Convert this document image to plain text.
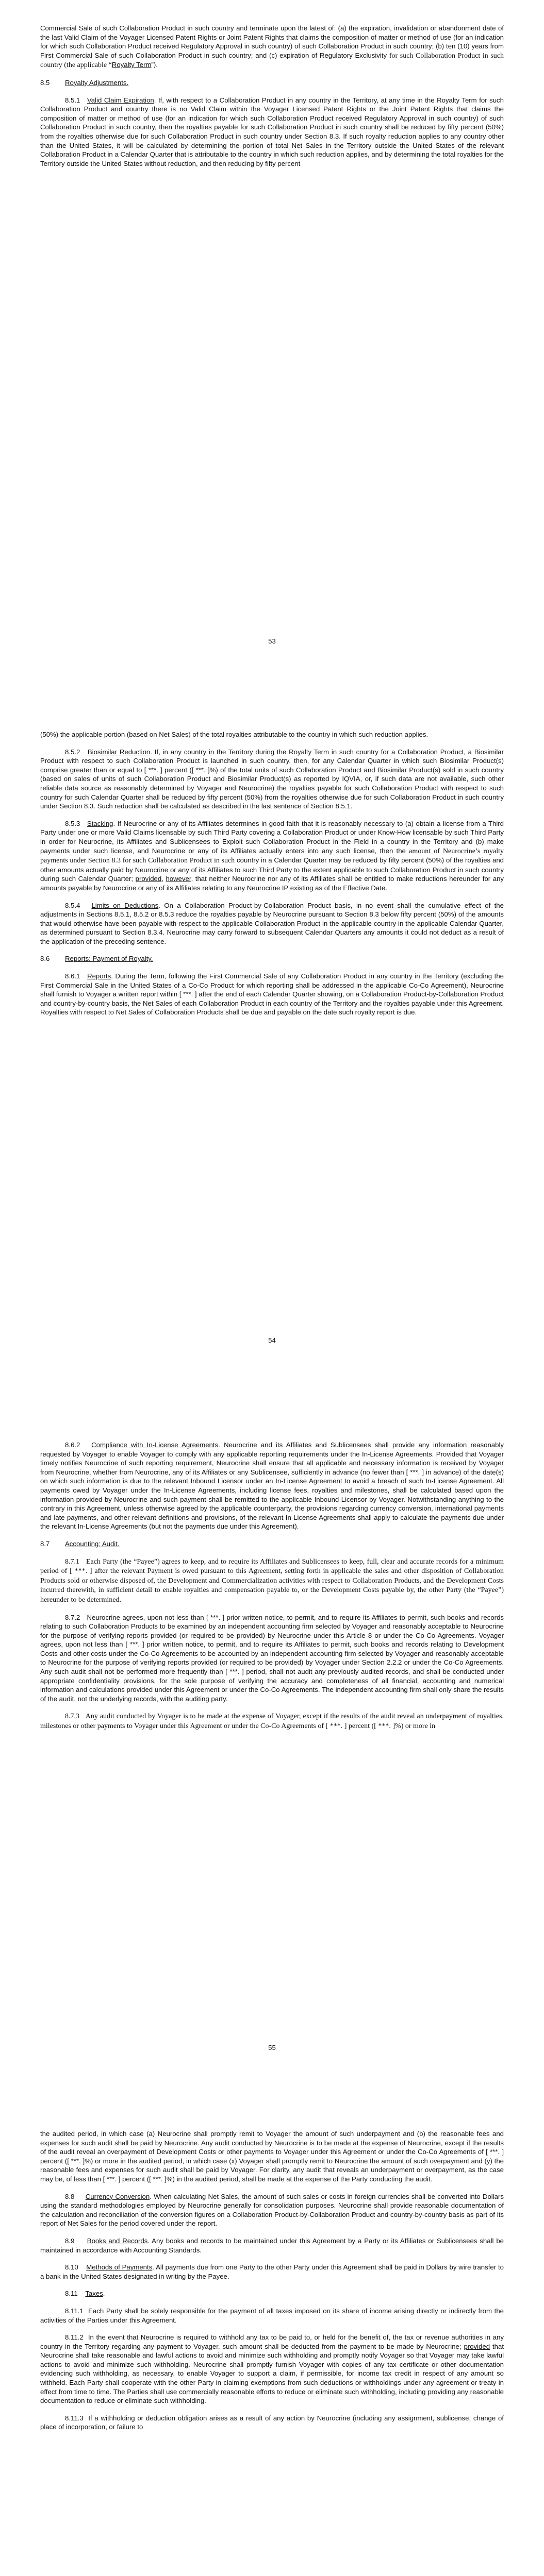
Commercial Sale of such Collaboration Product in such country and terminate upon the latest of: (a) the expiration, invalidation or abandonment date of the last Valid Claim of the Voyager Licensed Patent Rights or Joint Patent Rights that claims the composition of matter or method of use (for an indication for which such Collaboration Product received Regulatory Approval in such country) of such Collaboration Product in such country; (b) ten (10) years from First Commercial Sale of such Collaboration Product in such country; and (c) expiration of Regulatory Exclusivity for such Collaboration Product in such country (the applicable “Royalty Term”).

8.5	Royalty Adjustments.

8.5.1   Valid Claim Expiration. If, with respect to a Collaboration Product in any country in the Territory, at any time in the Royalty Term for such Collaboration Product and country there is no Valid Claim within the Voyager Licensed Patent Rights or the Joint Patent Rights that claims the composition of matter or method of use (for an indication for which such Collaboration Product received Regulatory Approval in such country) of such Collaboration Product in such country, then the royalties payable for such Collaboration Product in such country shall be reduced by fifty percent (50%) from the royalties otherwise due for such Collaboration Product in such country under Section 8.3. If such royalty reduction applies to any country other than the United States, it will be calculated by determining the portion of total Net Sales in the Territory outside the United States of the relevant Collaboration Product in a Calendar Quarter that is attributable to the country in which such reduction applies, and by determining the total royalties for the Territory outside the United States without reduction, and then reducing by fifty percent

53

(50%) the applicable portion (based on Net Sales) of the total royalties attributable to the country in which such reduction applies.

8.5.2   Biosimilar Reduction. If, in any country in the Territory during the Royalty Term in such country for a Collaboration Product, a Biosimilar Product with respect to such Collaboration Product is launched in such country, then, for any Calendar Quarter in which such Biosimilar Product(s) comprise greater than or equal to [ ***. ] percent ([ ***. ]%) of the total units of such Collaboration Product and Biosimilar Product(s) sold in such country (based on sales of units of such Collaboration Product and Biosimilar Product(s) as reported by IQVIA, or, if such data are not available, such other reliable data source as reasonably determined by Voyager and Neurocrine) the royalties payable for such Collaboration Product with respect to such country for such Calendar Quarter shall be reduced by fifty percent (50%) from the royalties otherwise due for such Collaboration Product in such country under Section 8.3. Such reduction shall be calculated as described in the last sentence of Section 8.5.1.

8.5.3   Stacking. If Neurocrine or any of its Affiliates determines in good faith that it is reasonably necessary to (a) obtain a license from a Third Party under one or more Valid Claims licensable by such Third Party covering a Collaboration Product or under Know-How licensable by such Third Party in order for Neurocrine, its Affiliates and Sublicensees to Exploit such Collaboration Product in the Field in a country in the Territory and (b) make payments under such license, and Neurocrine or any of its Affiliates actually enters into any such license, then the amount of Neurocrine’s royalty payments under Section 8.3 for such Collaboration Product in such country in a Calendar Quarter may be reduced by fifty percent (50%) of the royalties and other amounts actually paid by Neurocrine or any of its Affiliates to such Third Party to the extent applicable to such Collaboration Product in such country during such Calendar Quarter; provided, however, that neither Neurocrine nor any of its Affiliates shall be entitled to make reductions hereunder for any amounts payable by Neurocrine or any of its Affiliates relating to any Neurocrine IP existing as of the Effective Date.

8.5.4   Limits on Deductions. On a Collaboration Product-by-Collaboration Product basis, in no event shall the cumulative effect of the adjustments in Sections 8.5.1, 8.5.2 or 8.5.3 reduce the royalties payable by Neurocrine pursuant to Section 8.3 below fifty percent (50%) of the amounts that would otherwise have been payable with respect to the applicable Collaboration Product in the applicable country in the applicable Calendar Quarter, as determined pursuant to Section 8.3.4. Neurocrine may carry forward to subsequent Calendar Quarters any amounts it could not deduct as a result of the application of the preceding sentence.

8.6	Reports; Payment of Royalty.

8.6.1   Reports. During the Term, following the First Commercial Sale of any Collaboration Product in any country in the Territory (excluding the First Commercial Sale in the United States of a Co-Co Product for which reporting shall be addressed in the applicable Co-Co Agreement), Neurocrine shall furnish to Voyager a written report within [ ***. ] after the end of each Calendar Quarter showing, on a Collaboration Product-by-Collaboration Product and country-by-country basis, the Net Sales of each Collaboration Product in each country of the Territory and the royalties payable under this Agreement. Royalties with respect to Net Sales of Collaboration Products shall be due and payable on the date such royalty report is due.

54

8.6.2   Compliance with In-License Agreements. Neurocrine and its Affiliates and Sublicensees shall provide any information reasonably requested by Voyager to enable Voyager to comply with any applicable reporting requirements under the In-License Agreements. Provided that Voyager timely notifies Neurocrine of such reporting requirement, Neurocrine shall ensure that all applicable and necessary information is received by Voyager from Neurocrine, whether from Neurocrine, any of its Affiliates or any Sublicensee, sufficiently in advance (no fewer than [ ***. ] in advance) of the date(s) on which such information is due to the relevant Inbound Licensor under an In-License Agreement to avoid a breach of such In-License Agreement. All payments owed by Voyager under the In-License Agreements, including license fees, royalties and milestones, shall be calculated based upon the information provided by Neurocrine and such payment shall be remitted to the applicable Inbound Licensor by Voyager. Notwithstanding anything to the contrary in this Agreement, unless otherwise agreed by the applicable counterparty, the provisions regarding currency conversion, international payments and late payments, and other relevant definitions and provisions, of the relevant In-License Agreements shall apply to calculate the payments due under the relevant In-License Agreements (but not the payments due under this Agreement).

8.7	Accounting; Audit.

8.7.1   Each Party (the “Payee”) agrees to keep, and to require its Affiliates and Sublicensees to keep, full, clear and accurate records for a minimum period of [ ***. ] after the relevant Payment is owed pursuant to this Agreement, setting forth in applicable the sales and other disposition of Collaboration Products sold or otherwise disposed of, the Development and Commercialization activities with respect to Collaboration Products, and the Development Costs incurred therewith, in sufficient detail to enable royalties and compensation payable to, or the Development Costs payable by, the other Party (the “Payee”) hereunder to be determined.

8.7.2   Neurocrine agrees, upon not less than [ ***. ] prior written notice, to permit, and to require its Affiliates to permit, such books and records relating to such Collaboration Products to be examined by an independent accounting firm selected by Voyager and reasonably acceptable to Neurocrine for the purpose of verifying reports provided (or required to be provided) by Neurocrine under this Article 8 or under the Co-Co Agreements. Voyager agrees, upon not less than [ ***. ] prior written notice, to permit, and to require its Affiliates to permit, such books and records relating to Development Costs and other costs under the Co-Co Agreements to be accounted by an independent accounting firm selected by Voyager and reasonably acceptable to Neurocrine for the purpose of verifying reports provided (or required to be provided) by Voyager under Section 2.2.2 or under the Co-Co Agreements. Any such audit shall not be performed more frequently than [ ***. ] period, shall not audit any previously audited records, and shall be conducted under appropriate confidentiality provisions, for the sole purpose of verifying the accuracy and completeness of all financial, accounting and numerical information and calculations provided under this Agreement or under the Co-Co Agreements. The independent accounting firm shall only share the results of the audit, not the underlying records, with the auditing party.

8.7.3   Any audit conducted by Voyager is to be made at the expense of Voyager, except if the results of the audit reveal an underpayment of royalties, milestones or other payments to Voyager under this Agreement or under the Co-Co Agreements of [ ***. ] percent ([ ***. ]%) or more in

55

the audited period, in which case (a) Neurocrine shall promptly remit to Voyager the amount of such underpayment and (b) the reasonable fees and expenses for such audit shall be paid by Neurocrine. Any audit conducted by Neurocrine is to be made at the expense of Neurocrine, except if the results of the audit reveal an overpayment of Development Costs or other payments to Voyager under this Agreement or under the Co-Co Agreements of [ ***. ] percent ([ ***. ]%) or more in the audited period, in which case (x) Voyager shall promptly remit to Neurocrine the amount of such overpayment and (y) the reasonable fees and expenses for such audit shall be paid by Voyager. For clarity, any audit that reveals an underpayment or overpayment, as the case may be, of less than [ ***. ] percent ([ ***. ]%) in the audited period, shall be made at the expense of the Party conducting the audit.

8.8     Currency Conversion. When calculating Net Sales, the amount of such sales or costs in foreign currencies shall be converted into Dollars using the standard methodologies employed by Neurocrine generally for consolidation purposes. Neurocrine shall provide reasonable documentation of the calculation and reconciliation of the conversion figures on a Collaboration Product-by-Collaboration Product and country-by-country basis as part of its report of Net Sales for the period covered under the report.

8.9     Books and Records. Any books and records to be maintained under this Agreement by a Party or its Affiliates or Sublicensees shall be maintained in accordance with Accounting Standards.

8.10    Methods of Payments. All payments due from one Party to the other Party under this Agreement shall be paid in Dollars by wire transfer to a bank in the United States designated in writing by the Payee.

8.11    Taxes.

8.11.1  Each Party shall be solely responsible for the payment of all taxes imposed on its share of income arising directly or indirectly from the activities of the Parties under this Agreement.

8.11.2  In the event that Neurocrine is required to withhold any tax to be paid to, or held for the benefit of, the tax or revenue authorities in any country in the Territory regarding any payment to Voyager, such amount shall be deducted from the payment to be made by Neurocrine; provided that Neurocrine shall take reasonable and lawful actions to avoid and minimize such withholding and promptly notify Voyager so that Voyager may take lawful actions to avoid and minimize such withholding. Neurocrine shall promptly furnish Voyager with copies of any tax certificate or other documentation evidencing such withholding, as necessary, to enable Voyager to support a claim, if permissible, for income tax credit in respect of any amount so withheld. Each Party shall cooperate with the other Party in claiming exemptions from such deductions or withholdings under any agreement or treaty in effect from time to time. The Parties shall use commercially reasonable efforts to reduce or eliminate such withholding, including providing any reasonable documentation to reduce or eliminate such withholding.

8.11.3  If a withholding or deduction obligation arises as a result of any action by Neurocrine (including any assignment, sublicense, change of place of incorporation, or failure to
